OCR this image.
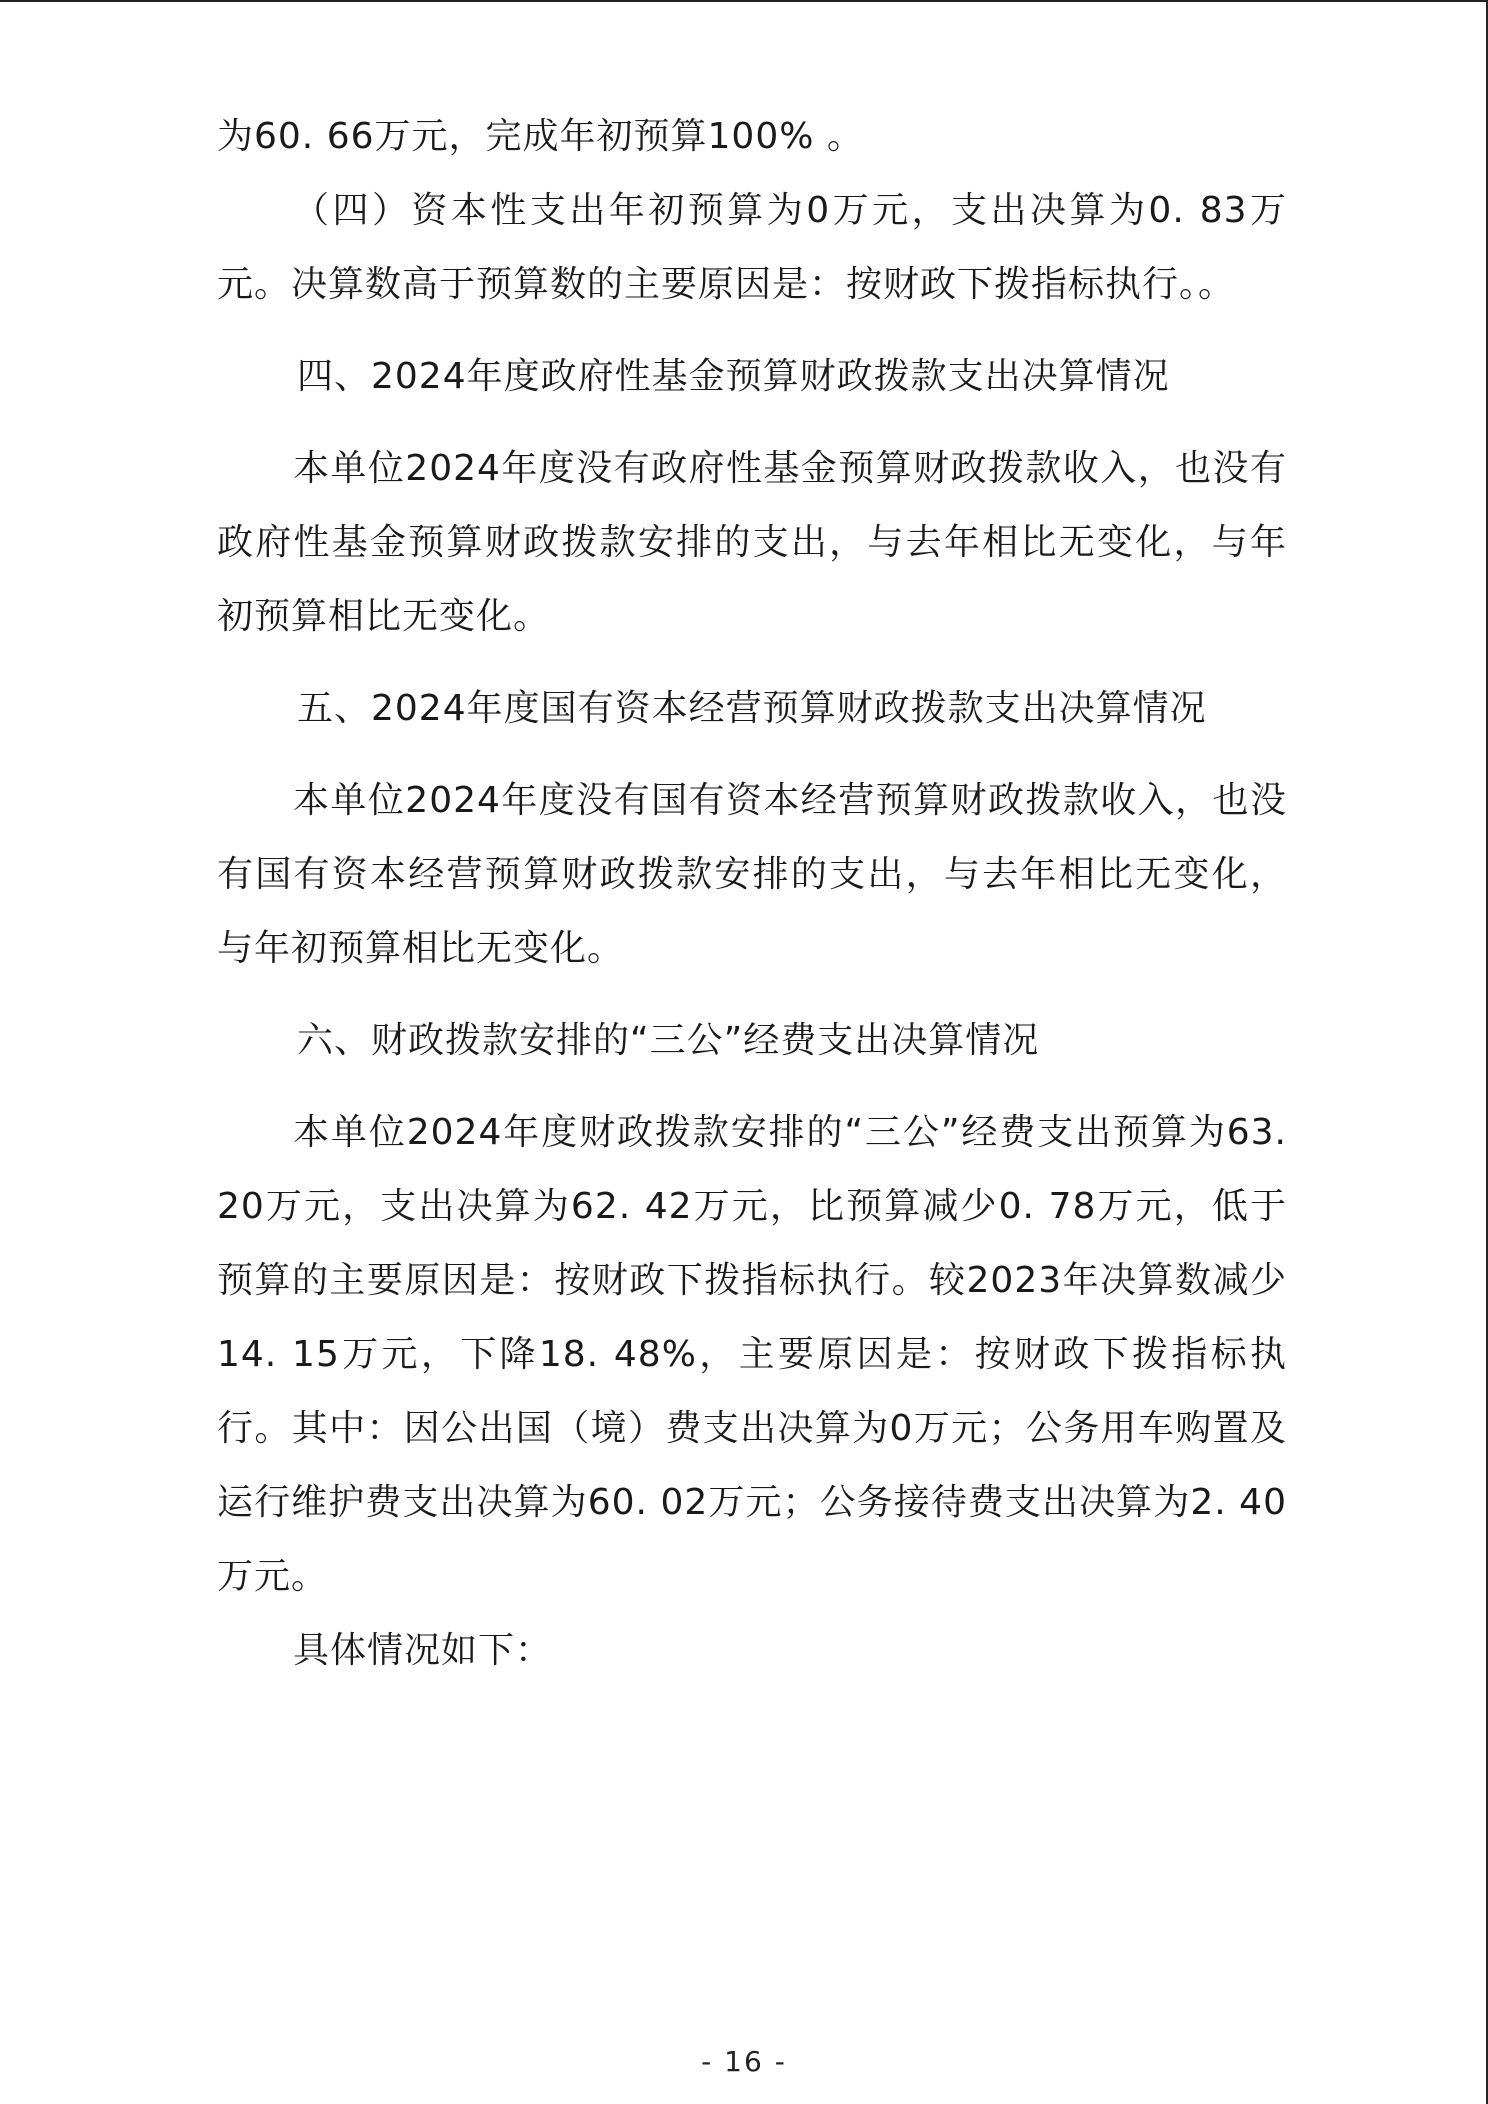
为60. 66万元，完成年初预算100% 。

（四）资本性支出年初预算为0万元，支出决算为0. 83万元。决算数高于预算数的主要原因是：按财政下拨指标执行。。

四、2024年度政府性基金预算财政拨款支出决算情况

本单位2024年度没有政府性基金预算财政拨款收入，也没有政府性基金预算财政拨款安排的支出，与去年相比无变化，与年初预算相比无变化。

五、2024年度国有资本经营预算财政拨款支出决算情况

本单位2024年度没有国有资本经营预算财政拨款收入，也没有国有资本经营预算财政拨款安排的支出，与去年相比无变化，与年初预算相比无变化。

六、财政拨款安排的“三公”经费支出决算情况

本单位2024年度财政拨款安排的“三公”经费支出预算为63. 20万元，支出决算为62. 42万元，比预算减少0. 78万元，低于预算的主要原因是：按财政下拨指标执行。较2023年决算数减少14. 15万元，下降18. 48%，主要原因是：按财政下拨指标执行。其中：因公出国（境）费支出决算为0万元；公务用车购置及运行维护费支出决算为60. 02万元；公务接待费支出决算为2. 40万元。

具体情况如下：

- 16 -
